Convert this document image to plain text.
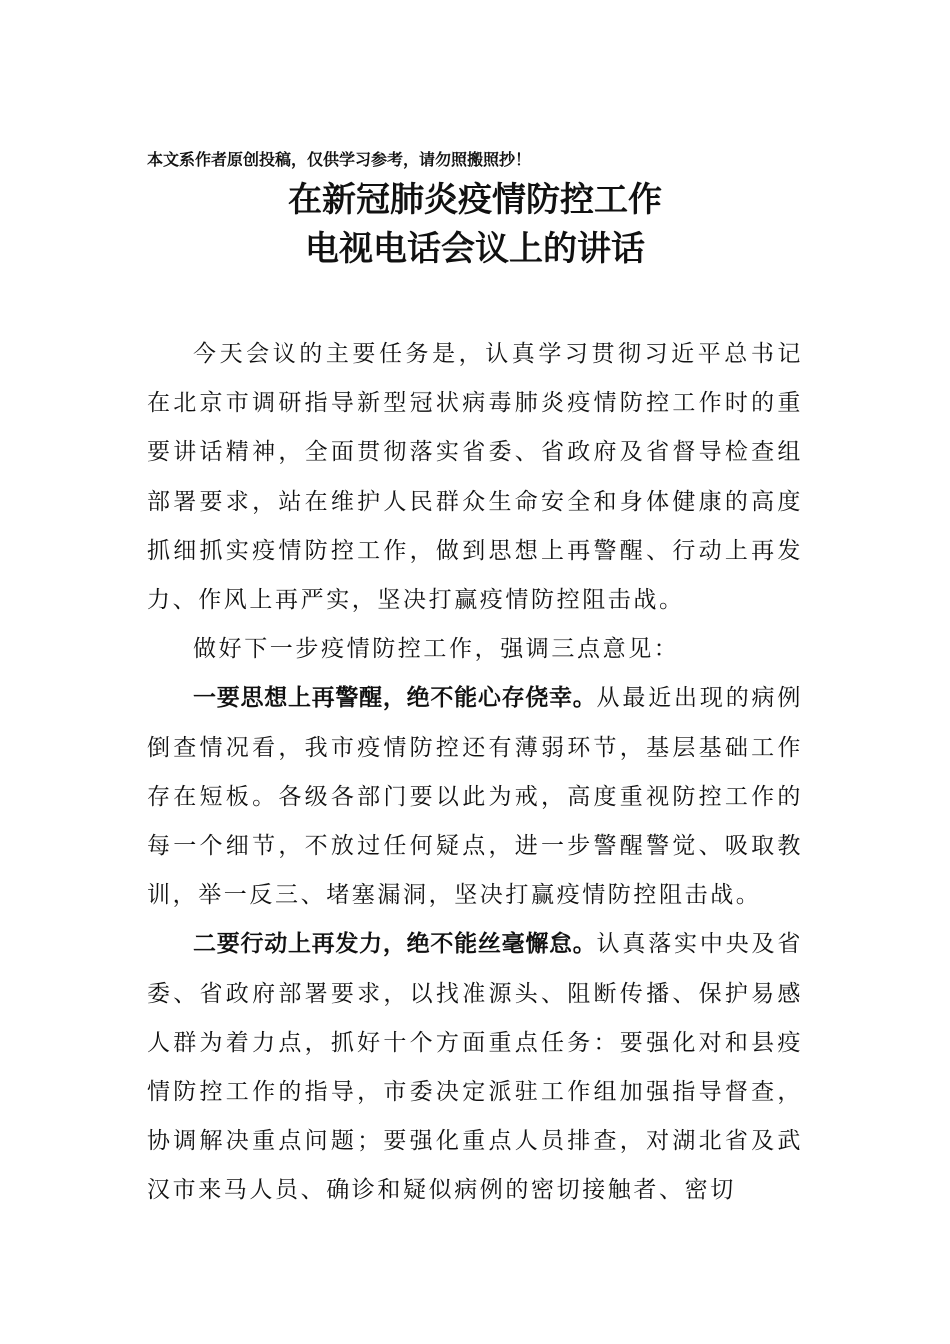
本文系作者原创投稿，仅供学习参考，请勿照搬照抄！
在新冠肺炎疫情防控工作
电视电话会议上的讲话

今天会议的主要任务是，认真学习贯彻习近平总书记在北京市调研指导新型冠状病毒肺炎疫情防控工作时的重要讲话精神，全面贯彻落实省委、省政府及省督导检查组部署要求，站在维护人民群众生命安全和身体健康的高度抓细抓实疫情防控工作，做到思想上再警醒、行动上再发力、作风上再严实，坚决打赢疫情防控阻击战。

做好下一步疫情防控工作，强调三点意见：

一要思想上再警醒，绝不能心存侥幸。从最近出现的病例倒查情况看，我市疫情防控还有薄弱环节，基层基础工作存在短板。各级各部门要以此为戒，高度重视防控工作的每一个细节，不放过任何疑点，进一步警醒警觉、吸取教训，举一反三、堵塞漏洞，坚决打赢疫情防控阻击战。

二要行动上再发力，绝不能丝毫懈怠。认真落实中央及省委、省政府部署要求，以找准源头、阻断传播、保护易感人群为着力点，抓好十个方面重点任务：要强化对和县疫情防控工作的指导，市委决定派驻工作组加强指导督查，协调解决重点问题；要强化重点人员排查，对湖北省及武汉市来马人员、确诊和疑似病例的密切接触者、密切
